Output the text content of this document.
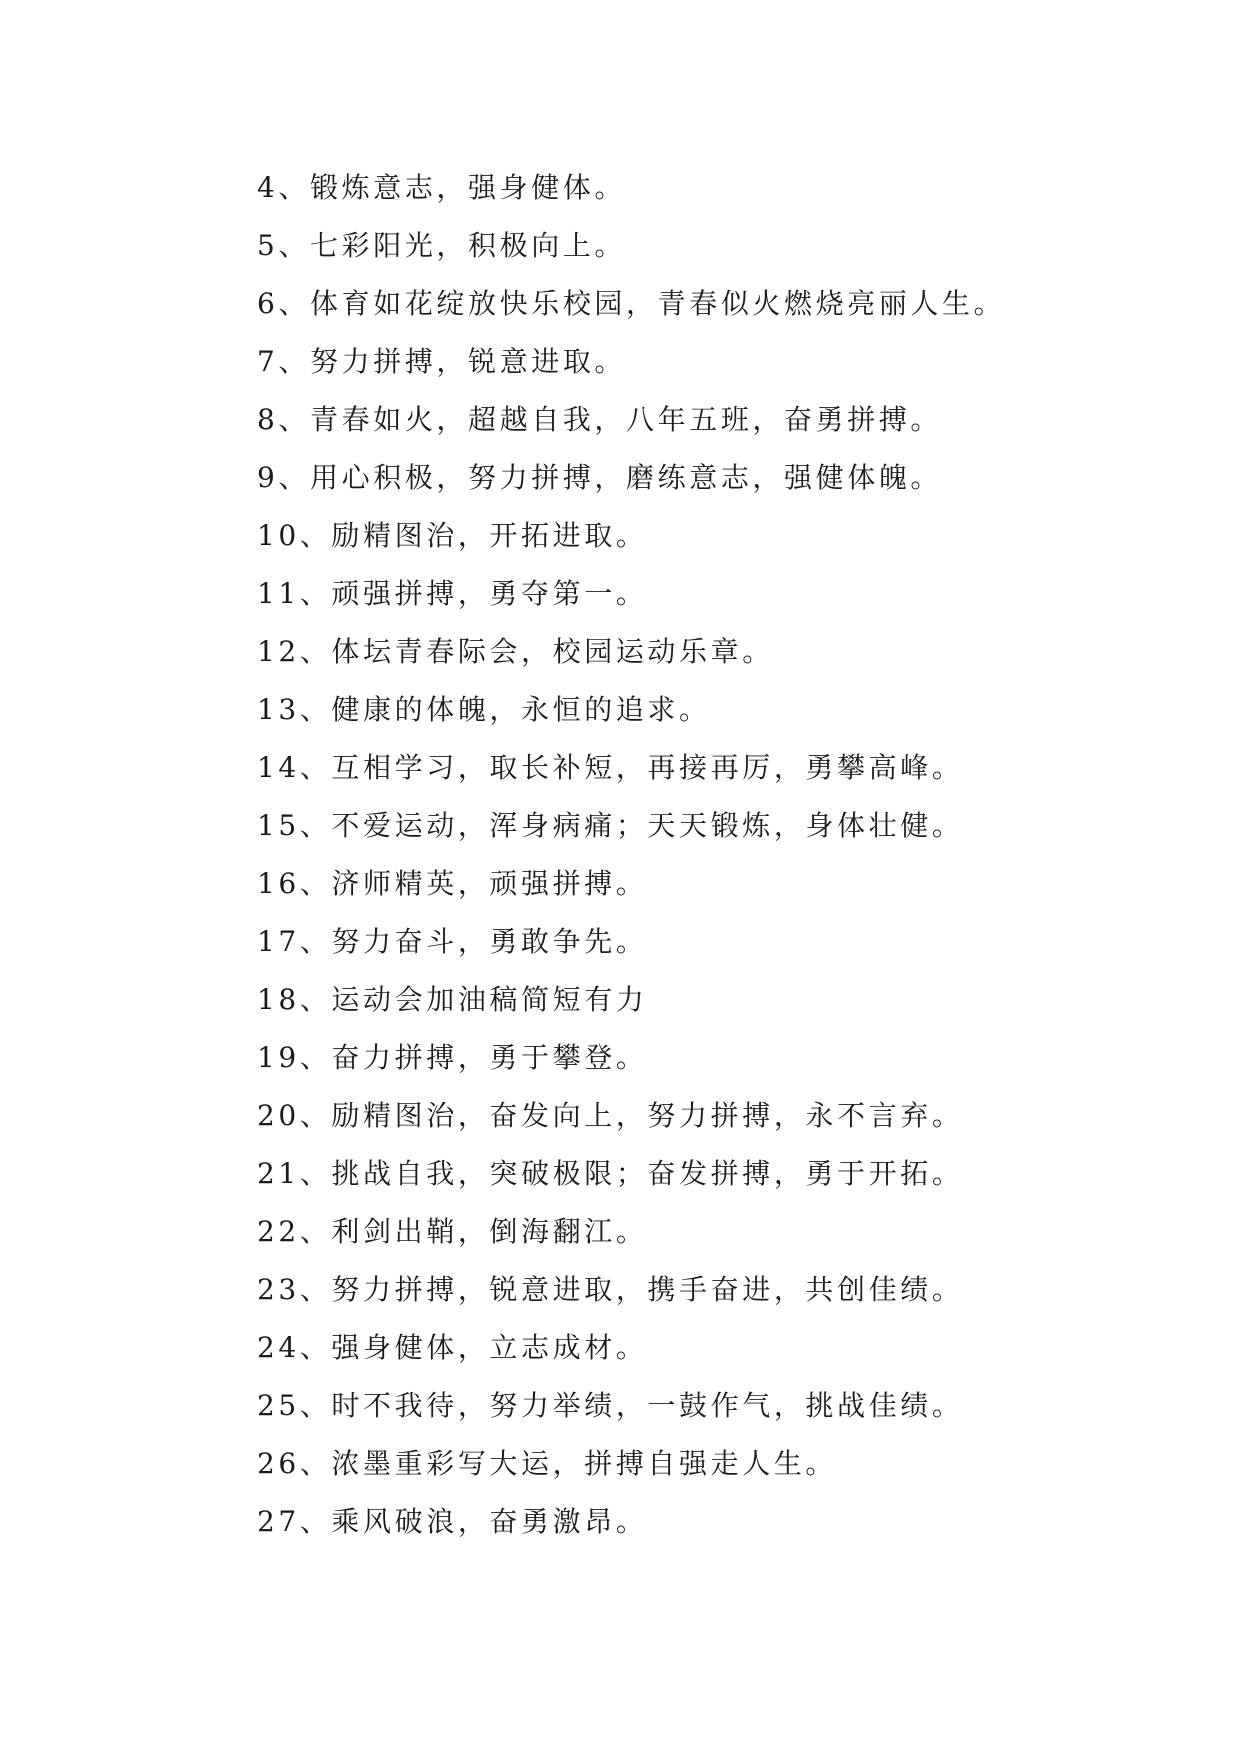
4、锻炼意志，强身健体。
5、七彩阳光，积极向上。
6、体育如花绽放快乐校园，青春似火燃烧亮丽人生。
7、努力拼搏，锐意进取。
8、青春如火，超越自我，八年五班，奋勇拼搏。
9、用心积极，努力拼搏，磨练意志，强健体魄。
10、励精图治，开拓进取。
11、顽强拼搏，勇夺第一。
12、体坛青春际会，校园运动乐章。
13、健康的体魄，永恒的追求。
14、互相学习，取长补短，再接再厉，勇攀高峰。
15、不爱运动，浑身病痛；天天锻炼，身体壮健。
16、济师精英，顽强拼搏。
17、努力奋斗，勇敢争先。
18、运动会加油稿简短有力
19、奋力拼搏，勇于攀登。
20、励精图治，奋发向上，努力拼搏，永不言弃。
21、挑战自我，突破极限；奋发拼搏，勇于开拓。
22、利剑出鞘，倒海翻江。
23、努力拼搏，锐意进取，携手奋进，共创佳绩。
24、强身健体，立志成材。
25、时不我待，努力举绩，一鼓作气，挑战佳绩。
26、浓墨重彩写大运，拼搏自强走人生。
27、乘风破浪，奋勇激昂。
